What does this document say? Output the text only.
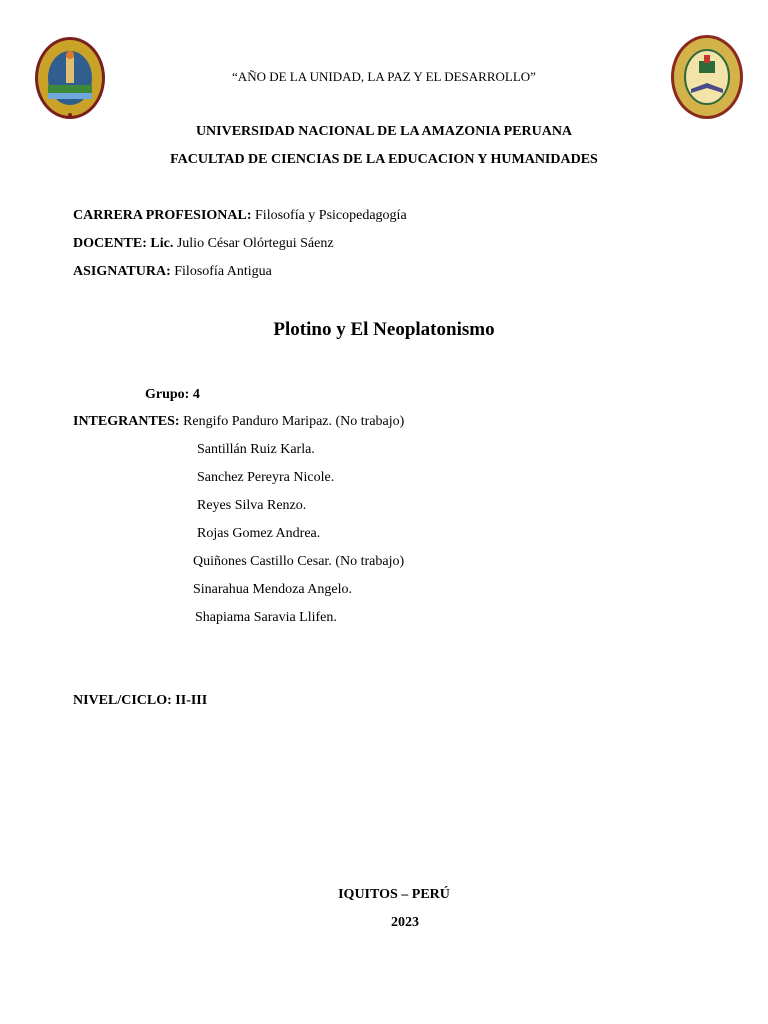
“AÑO DE LA UNIDAD, LA PAZ Y EL DESARROLLO”
UNIVERSIDAD NACIONAL DE LA AMAZONIA PERUANA
FACULTAD DE CIENCIAS DE LA EDUCACION Y HUMANIDADES
CARRERA PROFESIONAL: Filosofía y Psicopedagogía
DOCENTE: Lic. Julio César Olórtegui Sáenz
ASIGNATURA: Filosofía Antigua
Plotino y El Neoplatonismo
Grupo: 4
INTEGRANTES: Rengifo Panduro Maripaz. (No trabajo)
Santillán Ruiz Karla.
Sanchez Pereyra Nicole.
Reyes Silva Renzo.
Rojas Gomez Andrea.
Quiñones Castillo Cesar. (No trabajo)
Sinarahua Mendoza Angelo.
Shapiama Saravia Llifen.
NIVEL/CICLO: II-III
IQUITOS – PERÚ
2023
